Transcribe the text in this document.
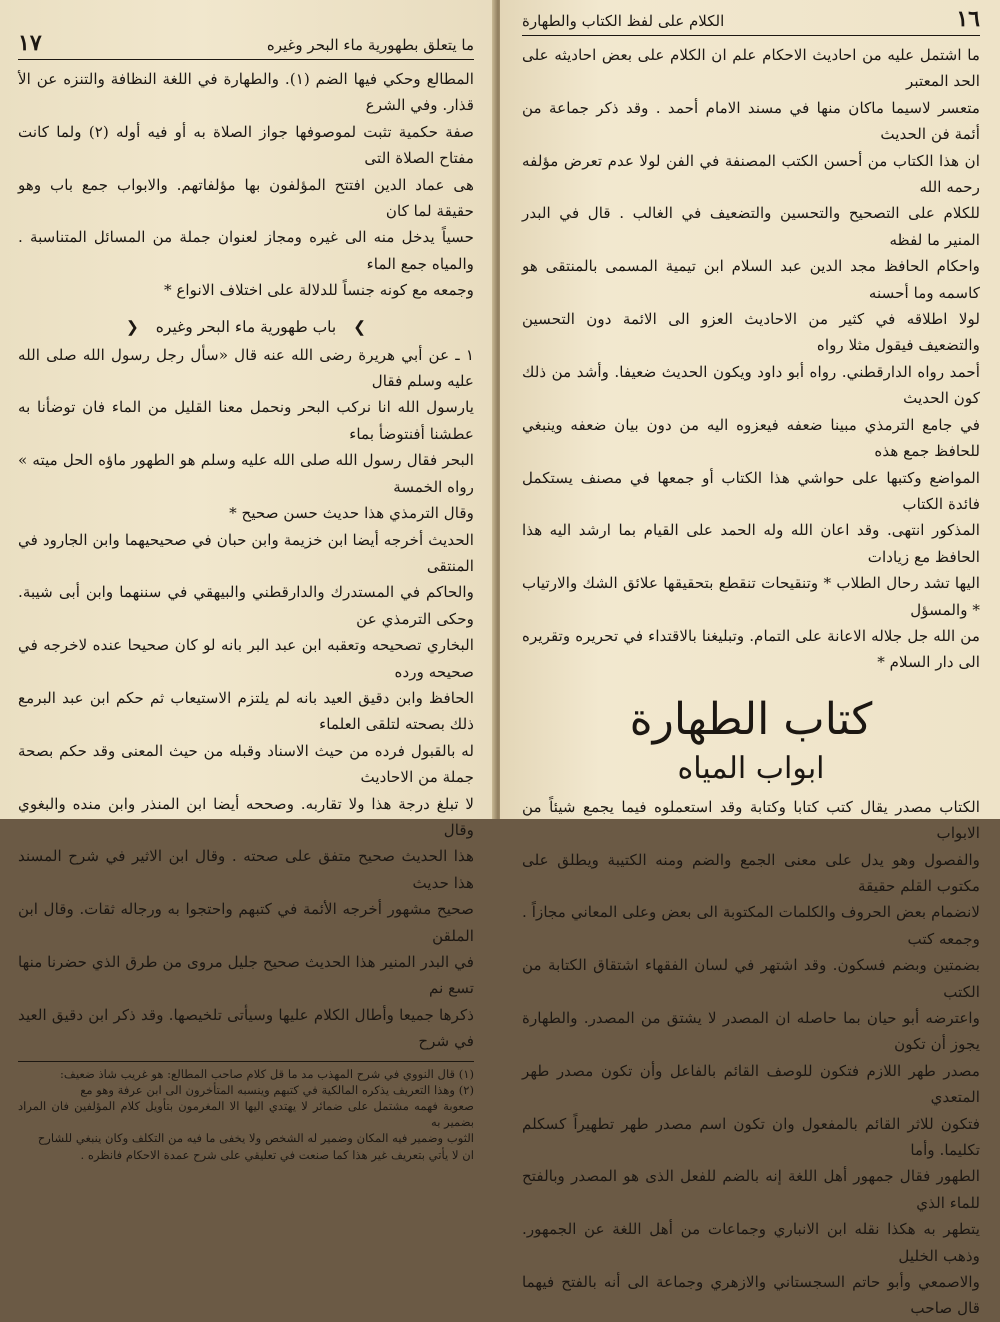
ما يتعلق بطهورية ماء البحر وغيره
١٧

المطالع وحكي فيها الضم (١). والطهارة في اللغة النظافة والتنزه عن الأ قذار. وفي الشرع

صفة حكمية تثبت لموصوفها جواز الصلاة به أو فيه أوله (٢) ولما كانت مفتاح الصلاة التى

هى عماد الدين افتتح المؤلفون بها مؤلفاتهم. والابواب جمع باب وهو حقيقة لما كان

حسياً يدخل منه الى غيره ومجاز لعنوان جملة من المسائل المتناسبة . والمياه جمع الماء

وجمعه مع كونه جنساً للدلالة على اختلاف الانواع *

❯ باب طهورية ماء البحر وغيره ❮

١ ـ عن أبي هريرة رضى الله عنه قال «سأل رجل رسول الله صلى الله عليه وسلم فقال

يارسول الله انا نركب البحر ونحمل معنا القليل من الماء فان توضأنا به عطشنا أفنتوضأ بماء

البحر فقال رسول الله صلى الله عليه وسلم هو الطهور ماؤه الحل ميته » رواه الخمسة

وقال الترمذي هذا حديث حسن صحيح *

الحديث أخرجه أيضا ابن خزيمة وابن حبان في صحيحيهما وابن الجارود في المنتقى

والحاكم في المستدرك والدارقطني والبيهقي في سننهما وابن أبى شيبة. وحكى الترمذي عن

البخاري تصحيحه وتعقبه ابن عبد البر بانه لو كان صحيحا عنده لاخرجه في صحيحه ورده

الحافظ وابن دقيق العيد بانه لم يلتزم الاستيعاب ثم حكم ابن عبد البرمع ذلك بصحته لتلقى العلماء

له بالقبول فرده من حيث الاسناد وقبله من حيث المعنى وقد حكم بصحة جملة من الاحاديث

لا تبلغ درجة هذا ولا تقاربه. وصححه أيضا ابن المنذر وابن منده والبغوي وقال

هذا الحديث صحيح متفق على صحته . وقال ابن الاثير في شرح المسند هذا حديث

صحيح مشهور أخرجه الأئمة في كتبهم واحتجوا به ورجاله ثقات. وقال ابن الملقن

في البدر المنير هذا الحديث صحيح جليل مروى من طرق الذي حضرنا منها تسع نم

ذكرها جميعا وأطال الكلام عليها وسيأتى تلخيصها. وقد ذكر ابن دقيق العيد في شرح

(١) قال النووي في شرح المهذب مد ما قل كلام صاحب المطالع: هو غريب شاذ ضعيف:

(٢) وهذا التعريف يذكره المالكية في كتبهم وينسبه المتأخرون الى ابن عرفة وهو مع

صعوبة فهمه مشتمل على ضمائر لا يهتدي اليها الا المغرمون بتأويل كلام المؤلفين فان المراد بضمير به

الثوب وضمير فيه المكان وضمير له الشخص ولا يخفى ما فيه من التكلف وكان ينبغي للشارح

ان لا يأتي بتعريف غير هذا كما صنعت في تعليقي على شرح عمدة الاحكام فانظره .

١٦
الكلام على لفظ الكتاب والطهارة

ما اشتمل عليه من احاديث الاحكام علم ان الكلام على بعض احاديثه على الحد المعتبر

متعسر لاسيما ماكان منها في مسند الامام أحمد . وقد ذكر جماعة من أئمة فن الحديث

ان هذا الكتاب من أحسن الكتب المصنفة في الفن لولا عدم تعرض مؤلفه رحمه الله

للكلام على التصحيح والتحسين والتضعيف في الغالب . قال في البدر المنير ما لفظه

واحكام الحافظ مجد الدين عبد السلام ابن تيمية المسمى بالمنتقى هو كاسمه وما أحسنه

لولا اطلاقه في كثير من الاحاديث العزو الى الائمة دون التحسين والتضعيف فيقول مثلا رواه

أحمد رواه الدارقطني. رواه أبو داود ويكون الحديث ضعيفا. وأشد من ذلك كون الحديث

في جامع الترمذي مبينا ضعفه فيعزوه اليه من دون بيان ضعفه وينبغي للحافظ جمع هذه

المواضع وكتبها على حواشي هذا الكتاب أو جمعها في مصنف يستكمل فائدة الكتاب

المذكور انتهى. وقد اعان الله وله الحمد على القيام بما ارشد اليه هذا الحافظ مع زيادات

اليها تشد رحال الطلاب * وتنقيحات تنقطع بتحقيقها علائق الشك والارتياب * والمسؤل

من الله جل جلاله الاعانة على التمام. وتبليغنا بالاقتداء في تحريره وتقريره الى دار السلام *

كتاب الطهارة
ابواب المياه

الكتاب مصدر يقال كتب كتابا وكتابة وقد استعملوه فيما يجمع شيئاً من الابواب

والفصول وهو يدل على معنى الجمع والضم ومنه الكتيبة ويطلق على مكتوب القلم حقيقة

لانضمام بعض الحروف والكلمات المكتوبة الى بعض وعلى المعاني مجازاً . وجمعه كتب

بضمتين وبضم فسكون. وقد اشتهر في لسان الفقهاء اشتقاق الكتابة من الكتب

واعترضه أبو حيان بما حاصله ان المصدر لا يشتق من المصدر. والطهارة يجوز أن تكون

مصدر طهر اللازم فتكون للوصف القائم بالفاعل وأن تكون مصدر طهر المتعدي

فتكون للاثر القائم بالمفعول وان تكون اسم مصدر طهر تطهيراً كسكلم تكليما. وأما

الطهور فقال جمهور أهل اللغة إنه بالضم للفعل الذى هو المصدر وبالفتح للماء الذي

يتطهر به هكذا نقله ابن الانباري وجماعات من أهل اللغة عن الجمهور. وذهب الخليل

والاصمعي وأبو حاتم السجستاني والازهري وجماعة الى أنه بالفتح فيهما قال صاحب
